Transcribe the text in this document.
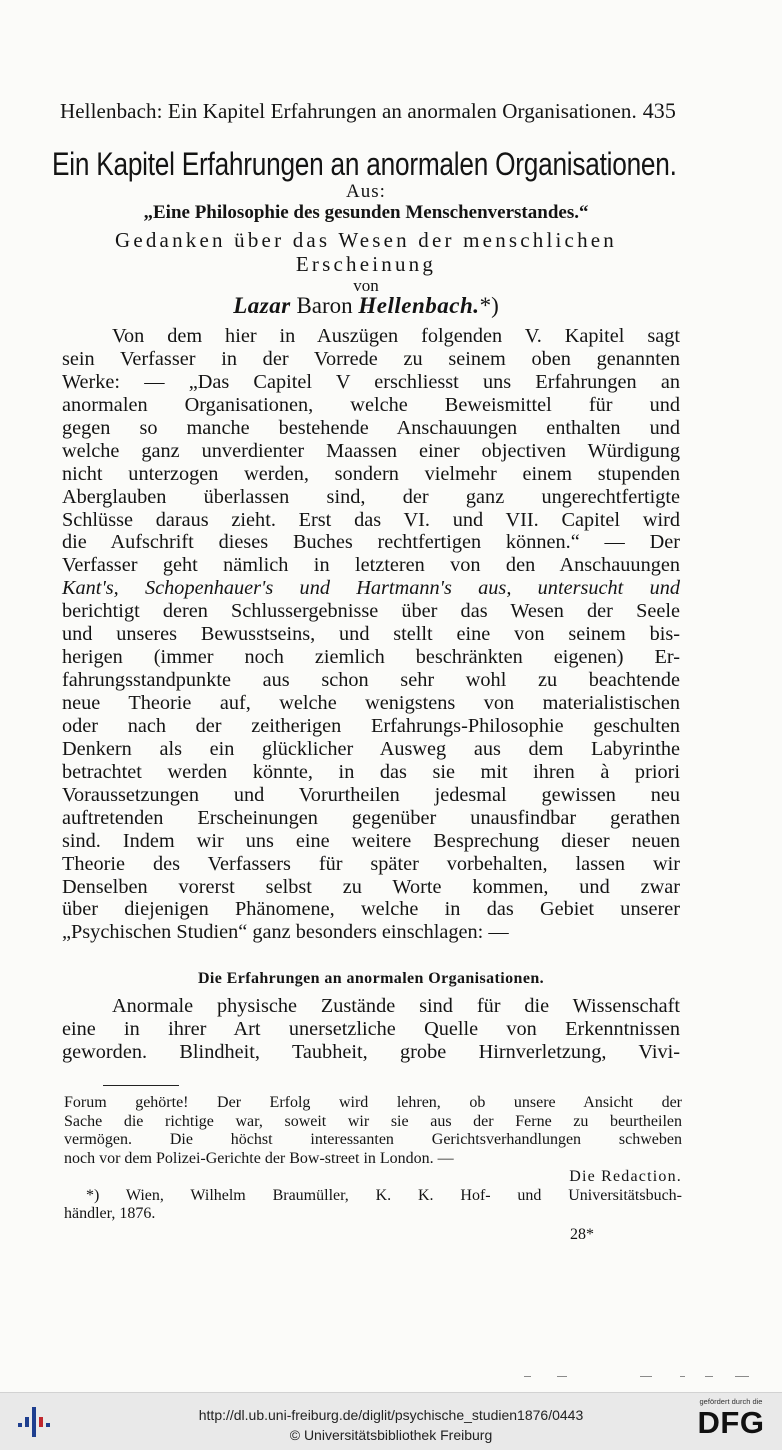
Hellenbach: Ein Kapitel Erfahrungen an anormalen Organisationen. 435
Ein Kapitel Erfahrungen an anormalen Organisationen.
Aus:
„Eine Philosophie des gesunden Menschenverstandes.“
Gedanken über das Wesen der menschlichen
Erscheinung
von
Lazar Baron Hellenbach.*)
Von dem hier in Auszügen folgenden V. Kapitel sagt
sein Verfasser in der Vorrede zu seinem oben genannten
Werke: — „Das Capitel V erschliesst uns Erfahrungen an
anormalen Organisationen, welche Beweismittel für und
gegen so manche bestehende Anschauungen enthalten und
welche ganz unverdienter Maassen einer objectiven Würdigung
nicht unterzogen werden, sondern vielmehr einem stupenden
Aberglauben überlassen sind, der ganz ungerechtfertigte
Schlüsse daraus zieht. Erst das VI. und VII. Capitel wird
die Aufschrift dieses Buches rechtfertigen können.“ — Der
Verfasser geht nämlich in letzteren von den Anschauungen
Kant's, Schopenhauer's und Hartmann's aus, untersucht und
berichtigt deren Schlussergebnisse über das Wesen der Seele
und unseres Bewusstseins, und stellt eine von seinem bis-
herigen (immer noch ziemlich beschränkten eigenen) Er-
fahrungsstandpunkte aus schon sehr wohl zu beachtende
neue Theorie auf, welche wenigstens von materialistischen
oder nach der zeitherigen Erfahrungs-Philosophie geschulten
Denkern als ein glücklicher Ausweg aus dem Labyrinthe
betrachtet werden könnte, in das sie mit ihren à priori
Voraussetzungen und Vorurtheilen jedesmal gewissen neu
auftretenden Erscheinungen gegenüber unausfindbar gerathen
sind. Indem wir uns eine weitere Besprechung dieser neuen
Theorie des Verfassers für später vorbehalten, lassen wir
Denselben vorerst selbst zu Worte kommen, und zwar
über diejenigen Phänomene, welche in das Gebiet unserer
„Psychischen Studien“ ganz besonders einschlagen: —
Die Erfahrungen an anormalen Organisationen.
Anormale physische Zustände sind für die Wissenschaft
eine in ihrer Art unersetzliche Quelle von Erkenntnissen
geworden. Blindheit, Taubheit, grobe Hirnverletzung, Vivi-
Forum gehörte! Der Erfolg wird lehren, ob unsere Ansicht der
Sache die richtige war, soweit wir sie aus der Ferne zu beurtheilen
vermögen. Die höchst interessanten Gerichtsverhandlungen schweben
noch vor dem Polizei-Gerichte der Bow-street in London. —
Die Redaction.
*) Wien, Wilhelm Braumüller, K. K. Hof- und Universitätsbuch-
händler, 1876.
28*
http://dl.ub.uni-freiburg.de/diglit/psychische_studien1876/0443
© Universitätsbibliothek Freiburg
gefördert durch die
DFG
